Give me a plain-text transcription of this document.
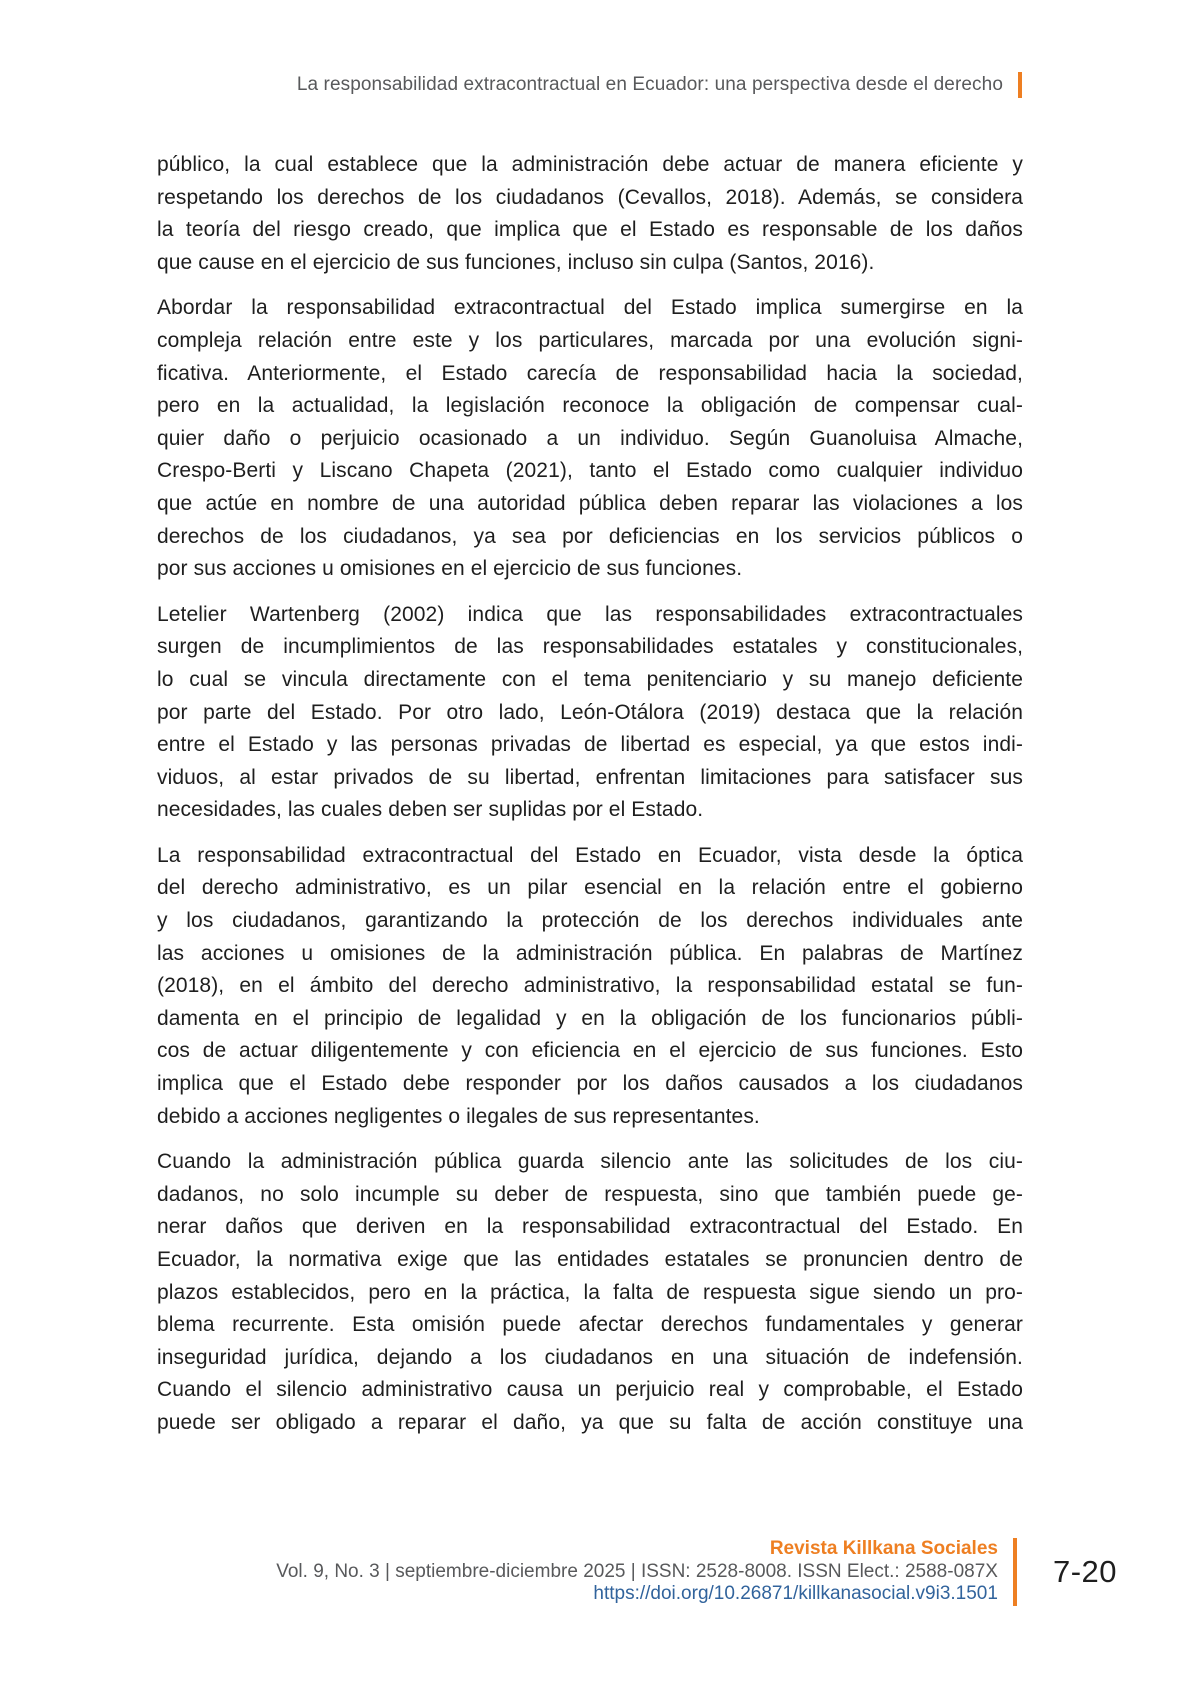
La responsabilidad extracontractual en Ecuador: una perspectiva desde el derecho
público, la cual establece que la administración debe actuar de manera eficiente y
respetando los derechos de los ciudadanos (Cevallos, 2018). Además, se considera
la teoría del riesgo creado, que implica que el Estado es responsable de los daños
que cause en el ejercicio de sus funciones, incluso sin culpa (Santos, 2016).
Abordar la responsabilidad extracontractual del Estado implica sumergirse en la
compleja relación entre este y los particulares, marcada por una evolución signi-
ficativa. Anteriormente, el Estado carecía de responsabilidad hacia la sociedad,
pero en la actualidad, la legislación reconoce la obligación de compensar cual-
quier daño o perjuicio ocasionado a un individuo. Según Guanoluisa Almache,
Crespo-Berti y Liscano Chapeta (2021), tanto el Estado como cualquier individuo
que actúe en nombre de una autoridad pública deben reparar las violaciones a los
derechos de los ciudadanos, ya sea por deficiencias en los servicios públicos o
por sus acciones u omisiones en el ejercicio de sus funciones.
Letelier Wartenberg (2002) indica que las responsabilidades extracontractuales
surgen de incumplimientos de las responsabilidades estatales y constitucionales,
lo cual se vincula directamente con el tema penitenciario y su manejo deficiente
por parte del Estado. Por otro lado, León-Otálora (2019) destaca que la relación
entre el Estado y las personas privadas de libertad es especial, ya que estos indi-
viduos, al estar privados de su libertad, enfrentan limitaciones para satisfacer sus
necesidades, las cuales deben ser suplidas por el Estado.
La responsabilidad extracontractual del Estado en Ecuador, vista desde la óptica
del derecho administrativo, es un pilar esencial en la relación entre el gobierno
y los ciudadanos, garantizando la protección de los derechos individuales ante
las acciones u omisiones de la administración pública. En palabras de Martínez
(2018), en el ámbito del derecho administrativo, la responsabilidad estatal se fun-
damenta en el principio de legalidad y en la obligación de los funcionarios públi-
cos de actuar diligentemente y con eficiencia en el ejercicio de sus funciones. Esto
implica que el Estado debe responder por los daños causados a los ciudadanos
debido a acciones negligentes o ilegales de sus representantes.
Cuando la administración pública guarda silencio ante las solicitudes de los ciu-
dadanos, no solo incumple su deber de respuesta, sino que también puede ge-
nerar daños que deriven en la responsabilidad extracontractual del Estado. En
Ecuador, la normativa exige que las entidades estatales se pronuncien dentro de
plazos establecidos, pero en la práctica, la falta de respuesta sigue siendo un pro-
blema recurrente. Esta omisión puede afectar derechos fundamentales y generar
inseguridad jurídica, dejando a los ciudadanos en una situación de indefensión.
Cuando el silencio administrativo causa un perjuicio real y comprobable, el Estado
puede ser obligado a reparar el daño, ya que su falta de acción constituye una
Revista Killkana Sociales
Vol. 9, No. 3 | septiembre-diciembre 2025 | ISSN: 2528-8008. ISSN Elect.: 2588-087X
https://doi.org/10.26871/killkanasocial.v9i3.1501
7-20
